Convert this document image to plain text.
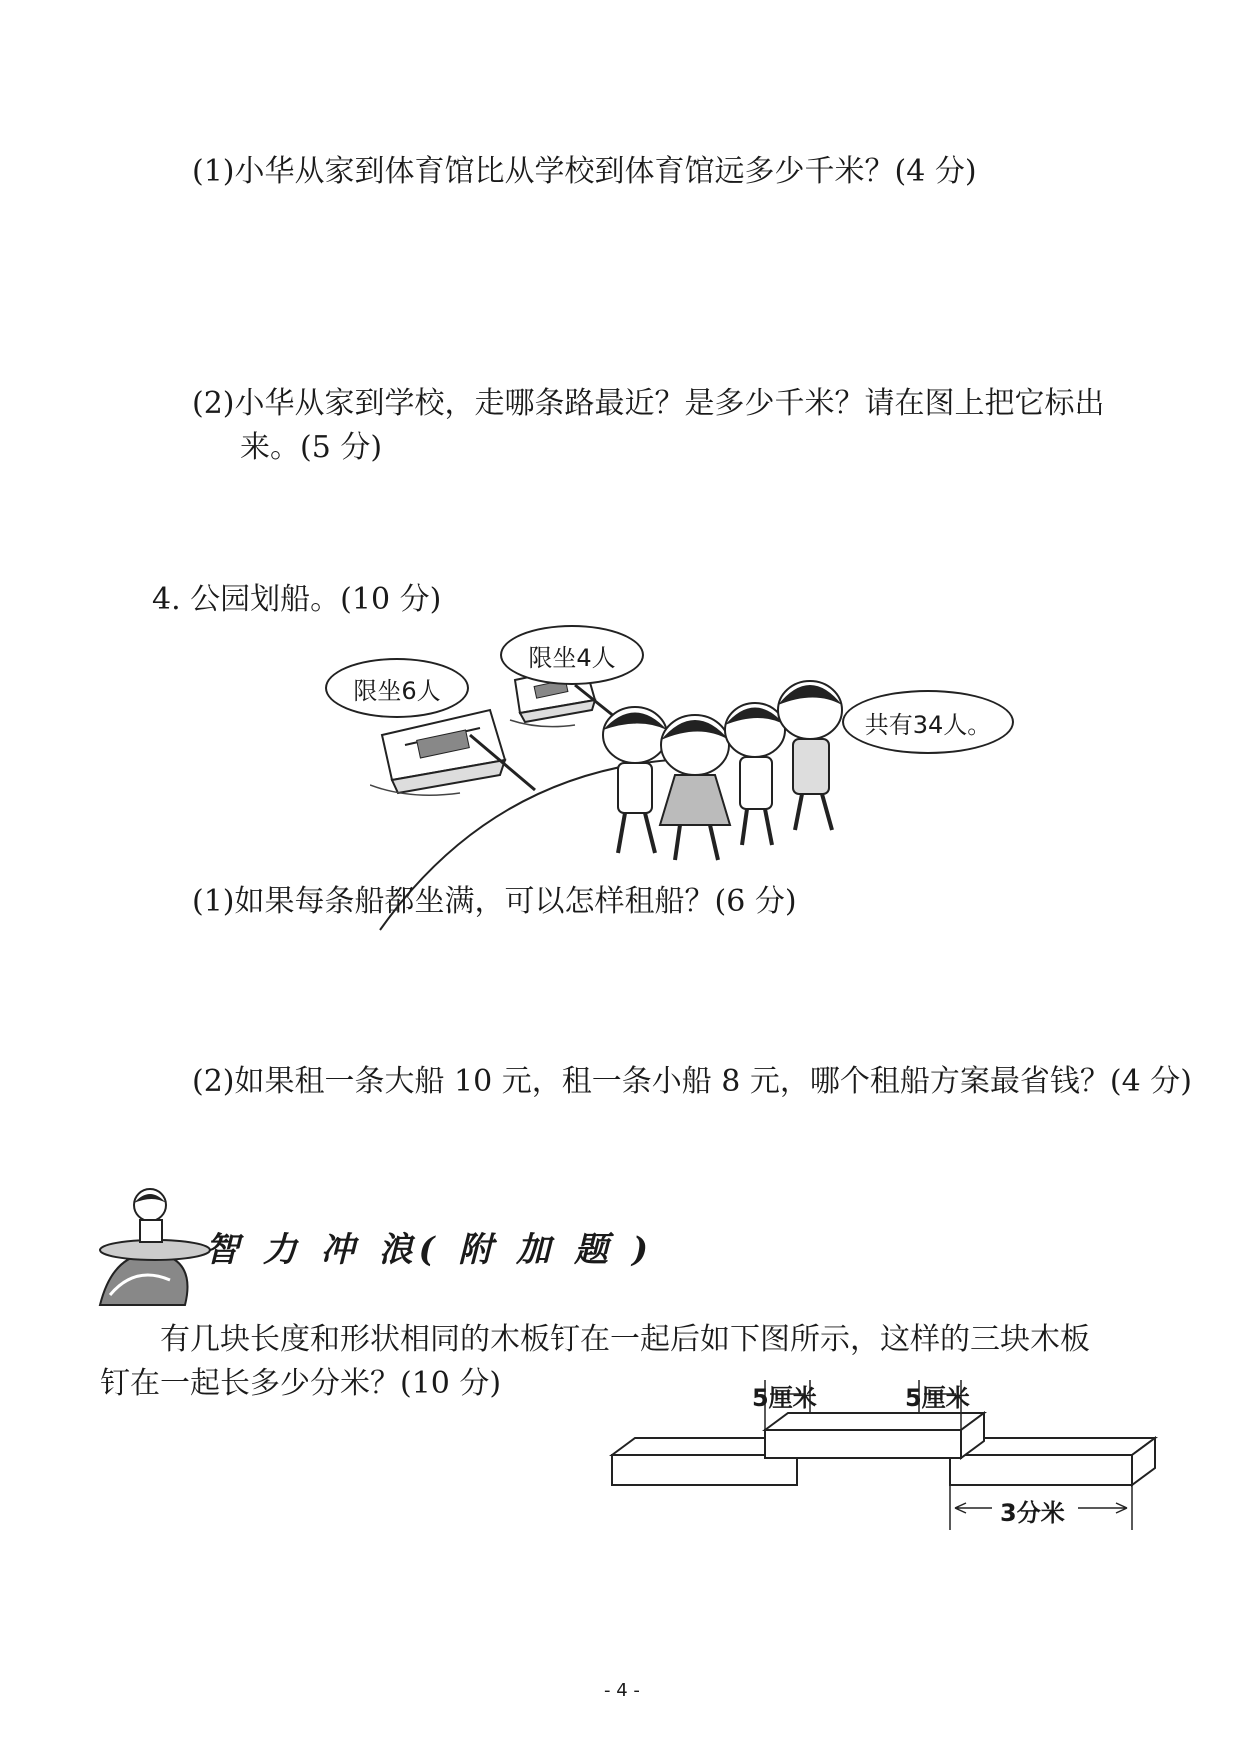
(1)小华从家到体育馆比从学校到体育馆远多少千米？(4 分)
(2)小华从家到学校，走哪条路最近？是多少千米？请在图上把它标出
来。(5 分)
4. 公园划船。(10 分)
限坐6人
限坐4人
共有34人。
(1)如果每条船都坐满，可以怎样租船？(6 分)
(2)如果租一条大船 10 元，租一条小船 8 元，哪个租船方案最省钱？(4 分)
智 力 冲 浪( 附 加 题 )
有几块长度和形状相同的木板钉在一起后如下图所示，这样的三块木板
钉在一起长多少分米？(10 分)	5厘米	5厘米
3分米
- 4 -
